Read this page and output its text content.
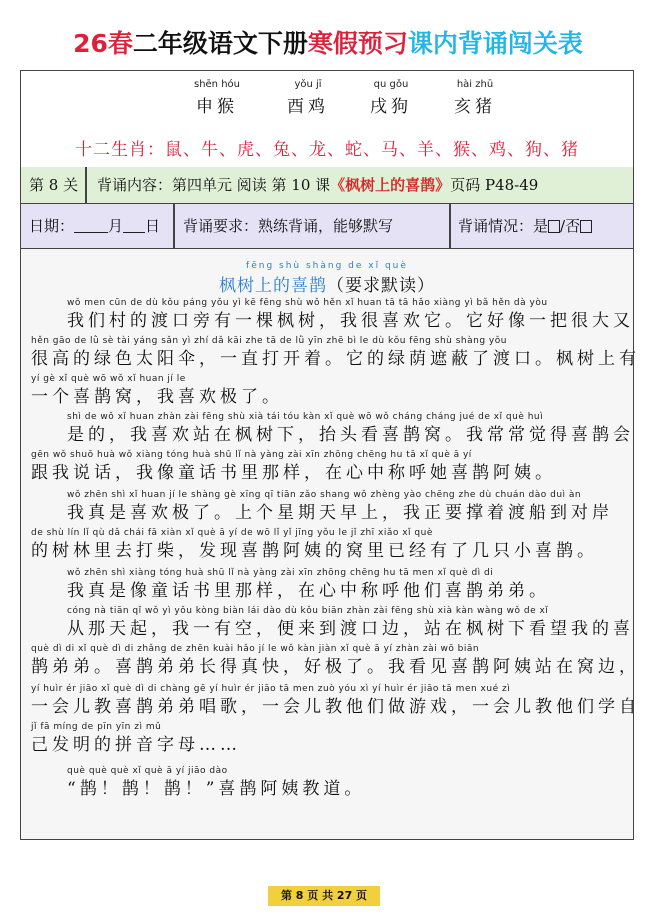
26春二年级语文下册寒假预习课内背诵闯关表
shēn hóu
申猴
yǒu jī
酉鸡
qu gǒu
戌狗
hài zhū
亥猪
十二生肖：鼠、牛、虎、兔、龙、蛇、马、羊、猴、鸡、狗、猪
第 8 关 背诵内容：第四单元 阅读 第 10 课《枫树上的喜鹊》页码 P48-49
日期： 月 日 背诵要求：熟练背诵，能够默写	背诵情况：是 /否
fēng shù shàng de xǐ què
枫树上的喜鹊（要求默读）
wǒ men cūn de dù kǒu páng yǒu yì kē fēng shù wǒ hěn xǐ huan tā tā hǎo xiàng yì bǎ hěn dà yòu
我们村的渡口旁有一棵枫树，我很喜欢它。它好像一把很大又
hěn gāo de lǜ sè tài yáng sǎn yì zhí dǎ kāi zhe tā de lǜ yīn zhē bì le dù kǒu fēng shù shàng yǒu
很高的绿色太阳伞，一直打开着。它的绿荫遮蔽了渡口。枫树上有
yí gè xǐ què wō wǒ xǐ huan jí le
一个喜鹊窝，我喜欢极了。
shì de wǒ xǐ huan zhàn zài fēng shù xià tái tóu kàn xǐ què wō wǒ cháng cháng jué de xǐ què huì
是的，我喜欢站在枫树下，抬头看喜鹊窝。我常常觉得喜鹊会
gēn wǒ shuō huà wǒ xiàng tóng huà shū lǐ nà yàng zài xīn zhōng chēng hu tā xǐ què ā yí
跟我说话，我像童话书里那样，在心中称呼她喜鹊阿姨。
wǒ zhēn shì xǐ huan jí le shàng gè xīng qī tiān zǎo shang wǒ zhèng yào chēng zhe dù chuán dào duì àn
我真是喜欢极了。上个星期天早上，我正要撑着渡船到对岸
de shù lín lǐ qù dǎ chái fā xiàn xǐ què ā yí de wō lǐ yǐ jīng yǒu le jǐ zhī xiǎo xǐ què
的树林里去打柴，发现喜鹊阿姨的窝里已经有了几只小喜鹊。
wǒ zhēn shì xiàng tóng huà shū lǐ nà yàng zài xīn zhōng chēng hu tā men xǐ què dì di
我真是像童话书里那样，在心中称呼他们喜鹊弟弟。
cóng nà tiān qǐ wǒ yì yǒu kòng biàn lái dào dù kǒu biān zhàn zài fēng shù xià kàn wàng wǒ de xǐ
从那天起，我一有空，便来到渡口边，站在枫树下看望我的喜
què dì di xǐ què dì di zhǎng de zhēn kuài hǎo jí le wǒ kàn jiàn xǐ què ā yí zhàn zài wō biān
鹊弟弟。喜鹊弟弟长得真快，好极了。我看见喜鹊阿姨站在窝边，
yí huìr ér jiāo xǐ què dì di chàng gē yí huìr ér jiāo tā men zuò yóu xì yí huìr ér jiāo tā men xué zì
一会儿教喜鹊弟弟唱歌，一会儿教他们做游戏，一会儿教他们学自
jǐ fā míng de pīn yīn zì mǔ
己发明的拼音字母……
què què què xǐ què ā yí jiāo dào
“鹊！鹊！鹊！”喜鹊阿姨教道。
第 8 页 共 27 页
